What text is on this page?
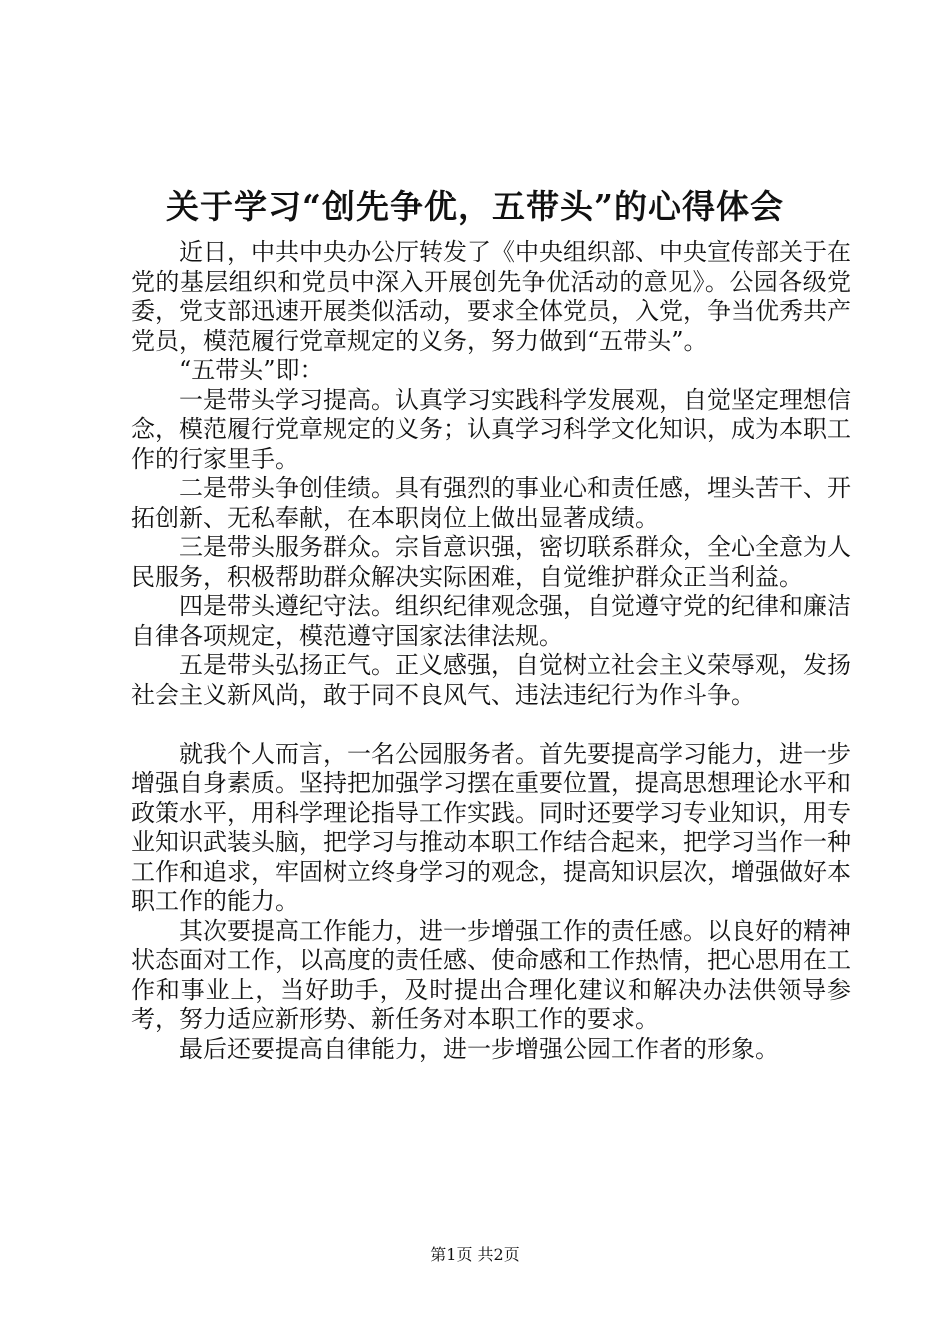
关于学习“创先争优，五带头”的心得体会

近日，中共中央办公厅转发了《中央组织部、中央宣传部关于在党的基层组织和党员中深入开展创先争优活动的意见》。公园各级党委，党支部迅速开展类似活动，要求全体党员，入党，争当优秀共产党员，模范履行党章规定的义务，努力做到“五带头”。

“五带头”即：

一是带头学习提高。认真学习实践科学发展观，自觉坚定理想信念，模范履行党章规定的义务；认真学习科学文化知识，成为本职工作的行家里手。

二是带头争创佳绩。具有强烈的事业心和责任感，埋头苦干、开拓创新、无私奉献，在本职岗位上做出显著成绩。

三是带头服务群众。宗旨意识强，密切联系群众，全心全意为人民服务，积极帮助群众解决实际困难，自觉维护群众正当利益。

四是带头遵纪守法。组织纪律观念强，自觉遵守党的纪律和廉洁自律各项规定，模范遵守国家法律法规。

五是带头弘扬正气。正义感强，自觉树立社会主义荣辱观，发扬社会主义新风尚，敢于同不良风气、违法违纪行为作斗争。

就我个人而言，一名公园服务者。首先要提高学习能力，进一步增强自身素质。坚持把加强学习摆在重要位置，提高思想理论水平和政策水平，用科学理论指导工作实践。同时还要学习专业知识，用专业知识武装头脑，把学习与推动本职工作结合起来，把学习当作一种工作和追求，牢固树立终身学习的观念，提高知识层次，增强做好本职工作的能力。

其次要提高工作能力，进一步增强工作的责任感。以良好的精神状态面对工作，以高度的责任感、使命感和工作热情，把心思用在工作和事业上，当好助手，及时提出合理化建议和解决办法供领导参考，努力适应新形势、新任务对本职工作的要求。

最后还要提高自律能力，进一步增强公园工作者的形象。

第1页 共2页
